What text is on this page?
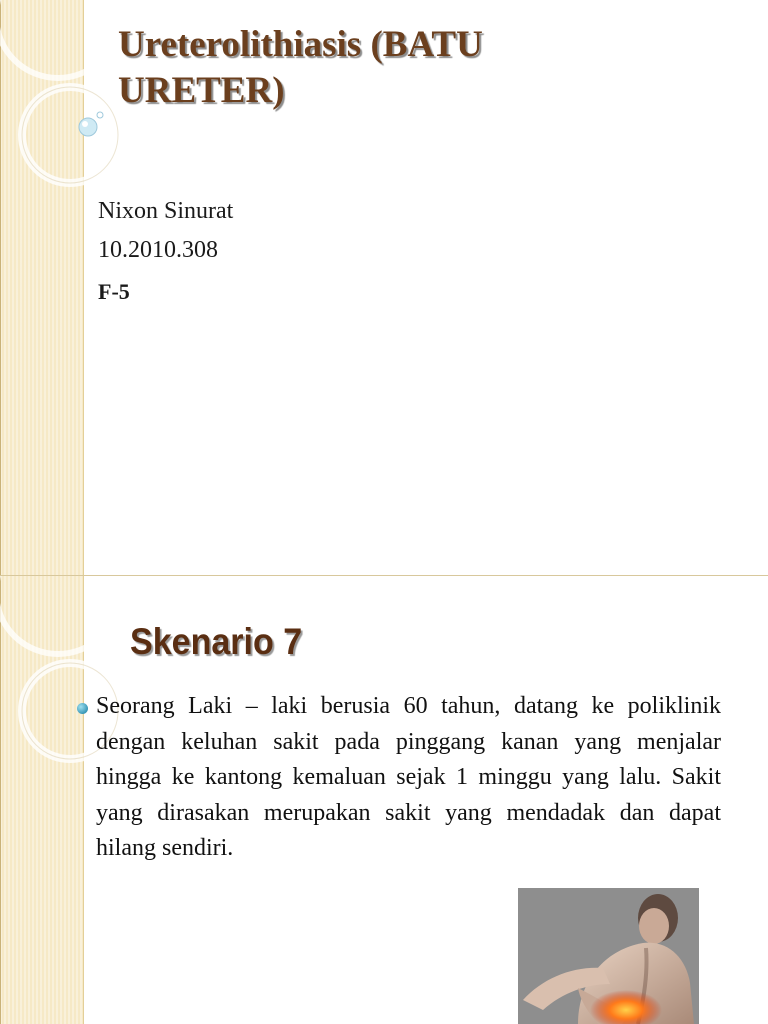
Ureterolithiasis (BATU URETER)

Nixon Sinurat

10.2010.308

F-5

Skenario 7

Seorang Laki – laki berusia 60 tahun, datang ke poliklinik dengan keluhan sakit pada pinggang kanan yang menjalar hingga ke kantong kemaluan sejak 1 minggu yang lalu. Sakit yang dirasakan merupakan sakit yang mendadak dan dapat hilang sendiri.
